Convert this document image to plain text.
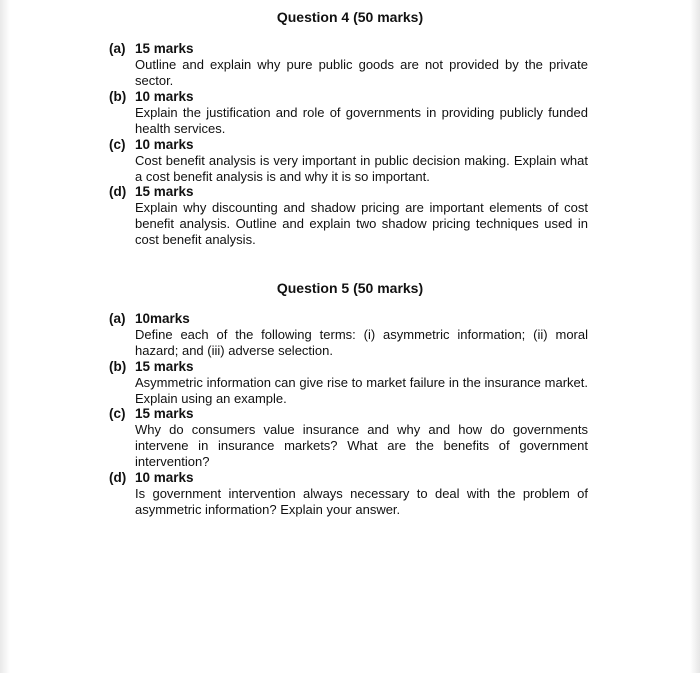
Question 4 (50 marks)
(a) 15 marks
Outline and explain why pure public goods are not provided by the private sector.
(b) 10 marks
Explain the justification and role of governments in providing publicly funded health services.
(c) 10 marks
Cost benefit analysis is very important in public decision making. Explain what a cost benefit analysis is and why it is so important.
(d) 15 marks
Explain why discounting and shadow pricing are important elements of cost benefit analysis. Outline and explain two shadow pricing techniques used in cost benefit analysis.
Question 5 (50 marks)
(a) 10marks
Define each of the following terms: (i) asymmetric information; (ii) moral hazard; and (iii) adverse selection.
(b) 15 marks
Asymmetric information can give rise to market failure in the insurance market. Explain using an example.
(c) 15 marks
Why do consumers value insurance and why and how do governments intervene in insurance markets? What are the benefits of government intervention?
(d) 10 marks
Is government intervention always necessary to deal with the problem of asymmetric information? Explain your answer.
